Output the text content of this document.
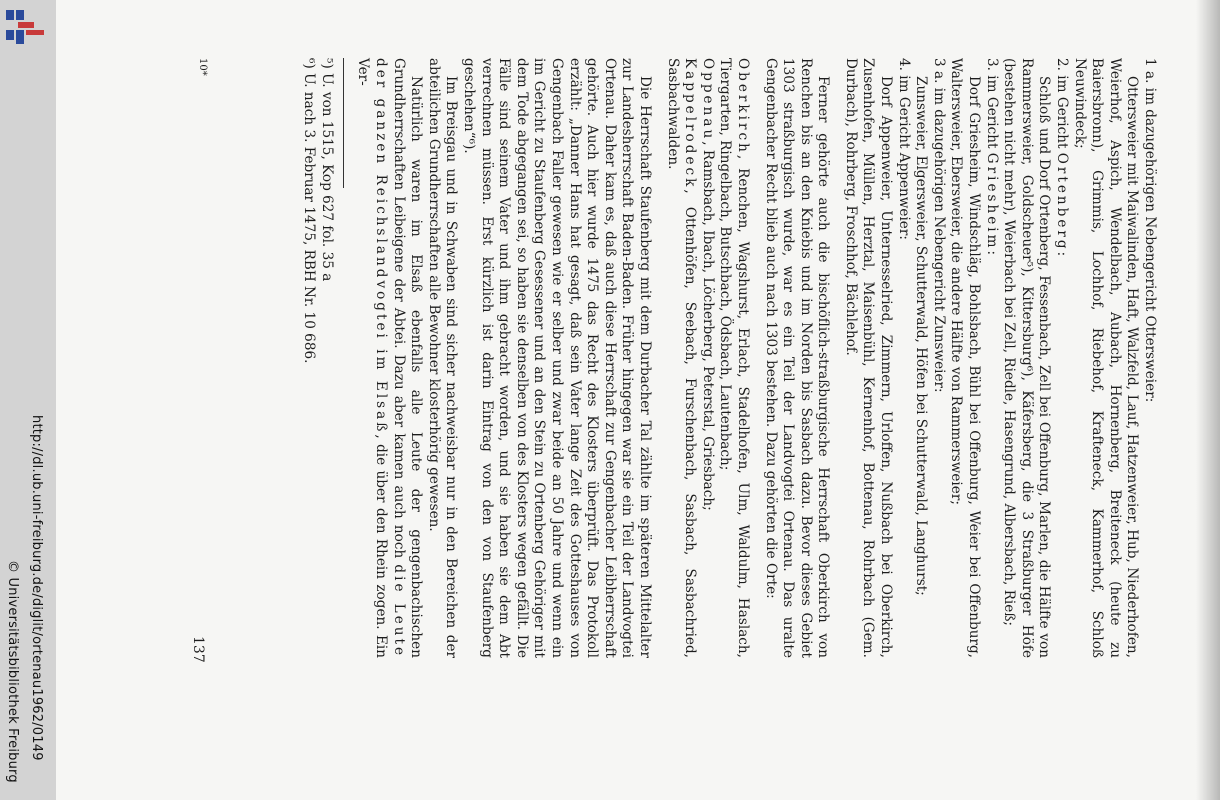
http://dl.ub.uni-freiburg.de/diglit/ortenau1962/0149
© Universitätsbibliothek Freiburg

1 a. im dazugehörigen Nebengericht Ottersweier:

Ottersweier mit Maiwalinden, Haft, Walzfeld, Lauf, Hatzenweier, Hub, Niederhofen, Weierhof, Aspich, Wendelbach, Aubach, Hornenberg, Breiteneck (heute zu Baiersbronn), Grimmis, Lochhof, Riebehof, Krafteneck, Kammerhof, Schloß Neuwindeck;

2. im Gericht Ortenberg:

Schloß und Dorf Ortenberg, Fessenbach, Zell bei Offenburg, Marlen, die Hälfte von Rammersweier, Goldscheuer⁵), Kittersburg⁶), Käfersberg, die 3 Straßburger Höfe (bestehen nicht mehr), Weierbach bei Zell, Riedle, Hasengrund, Albersbach, Rieß;

3. im Gericht Griesheim:

Dorf Griesheim, Windschläg, Bohlsbach, Bühl bei Offenburg, Weier bei Offenburg, Waltersweier, Ebersweier, die andere Hälfte von Rammersweier;

3 a. im dazugehörigen Nebengericht Zunsweier:

Zunsweier, Elgersweier, Schutterwald, Höfen bei Schutterwald, Langhurst;

4. im Gericht Appenweier:

Dorf Appenweier, Unternesselried, Zimmern, Urloffen, Nußbach bei Oberkirch, Zusenhofen, Müllen, Herztal, Maisenbühl, Kernenhof, Bottenau, Rohrbach (Gem. Durbach), Rohrberg, Froschhof, Bächlehof.

Ferner gehörte auch die bischöflich-straßburgische Herrschaft Oberkirch von Renchen bis an den Kniebis und im Norden bis Sasbach dazu. Bevor dieses Gebiet 1303 straßburgisch wurde, war es ein Teil der Landvogtei Ortenau. Das uralte Gengenbacher Recht blieb auch nach 1303 bestehen. Dazu gehörten die Orte:

Oberkirch, Renchen, Wagshurst, Erlach, Stadelhofen, Ulm, Waldulm, Haslach, Tiergarten, Ringelbach, Butschbach, Ödsbach, Lautenbach;

Oppenau, Ramsbach, Ibach, Löcherberg, Peterstal, Griesbach;

Kappelrodeck, Ottenhöfen, Seebach, Furschenbach, Sasbach, Sasbachried, Sasbachwalden.

Die Herrschaft Staufenberg mit dem Durbacher Tal zählte im späteren Mittelalter zur Landesherrschaft Baden-Baden. Früher hingegen war sie ein Teil der Landvogtei Ortenau. Daher kam es, daß auch diese Herrschaft zur Gengenbacher Leibherrschaft gehörte. Auch hier wurde 1475 das Recht des Klosters überprüft. Das Protokoll erzählt: „Danner Hans hat gesagt, daß sein Vater lange Zeit des Gotteshauses von Gengenbach Faller gewesen wie er selber und zwar beide an 50 Jahre und wenn ein im Gericht zu Staufenberg Gesessener und an den Stein zu Ortenberg Gehöriger mit dem Tode abgegangen sei, so haben sie denselben von des Klosters wegen gefällt. Die Fälle sind seinem Vater und ihm gebracht worden, und sie haben sie dem Abt verrechnen müssen. Erst kürzlich ist darin Eintrag von den von Staufenberg geschehen“⁶).

Im Breisgau und in Schwaben sind sicher nachweisbar nur in den Bereichen der abteilichen Grundherrschaften alle Bewohner klosterhörig gewesen.

Natürlich waren im Elsaß ebenfalls alle Leute der gengenbachischen Grundherrschaften Leibeigene der Abtei. Dazu aber kamen auch noch die Leute der ganzen Reichslandvogtei im Elsaß, die über den Rhein zogen. Ein Ver-

⁵) U. von 1515, Kop 627 fol. 35 a

⁶) U. nach 3. Februar 1475, RBH Nr. 10 686.

137
10*
